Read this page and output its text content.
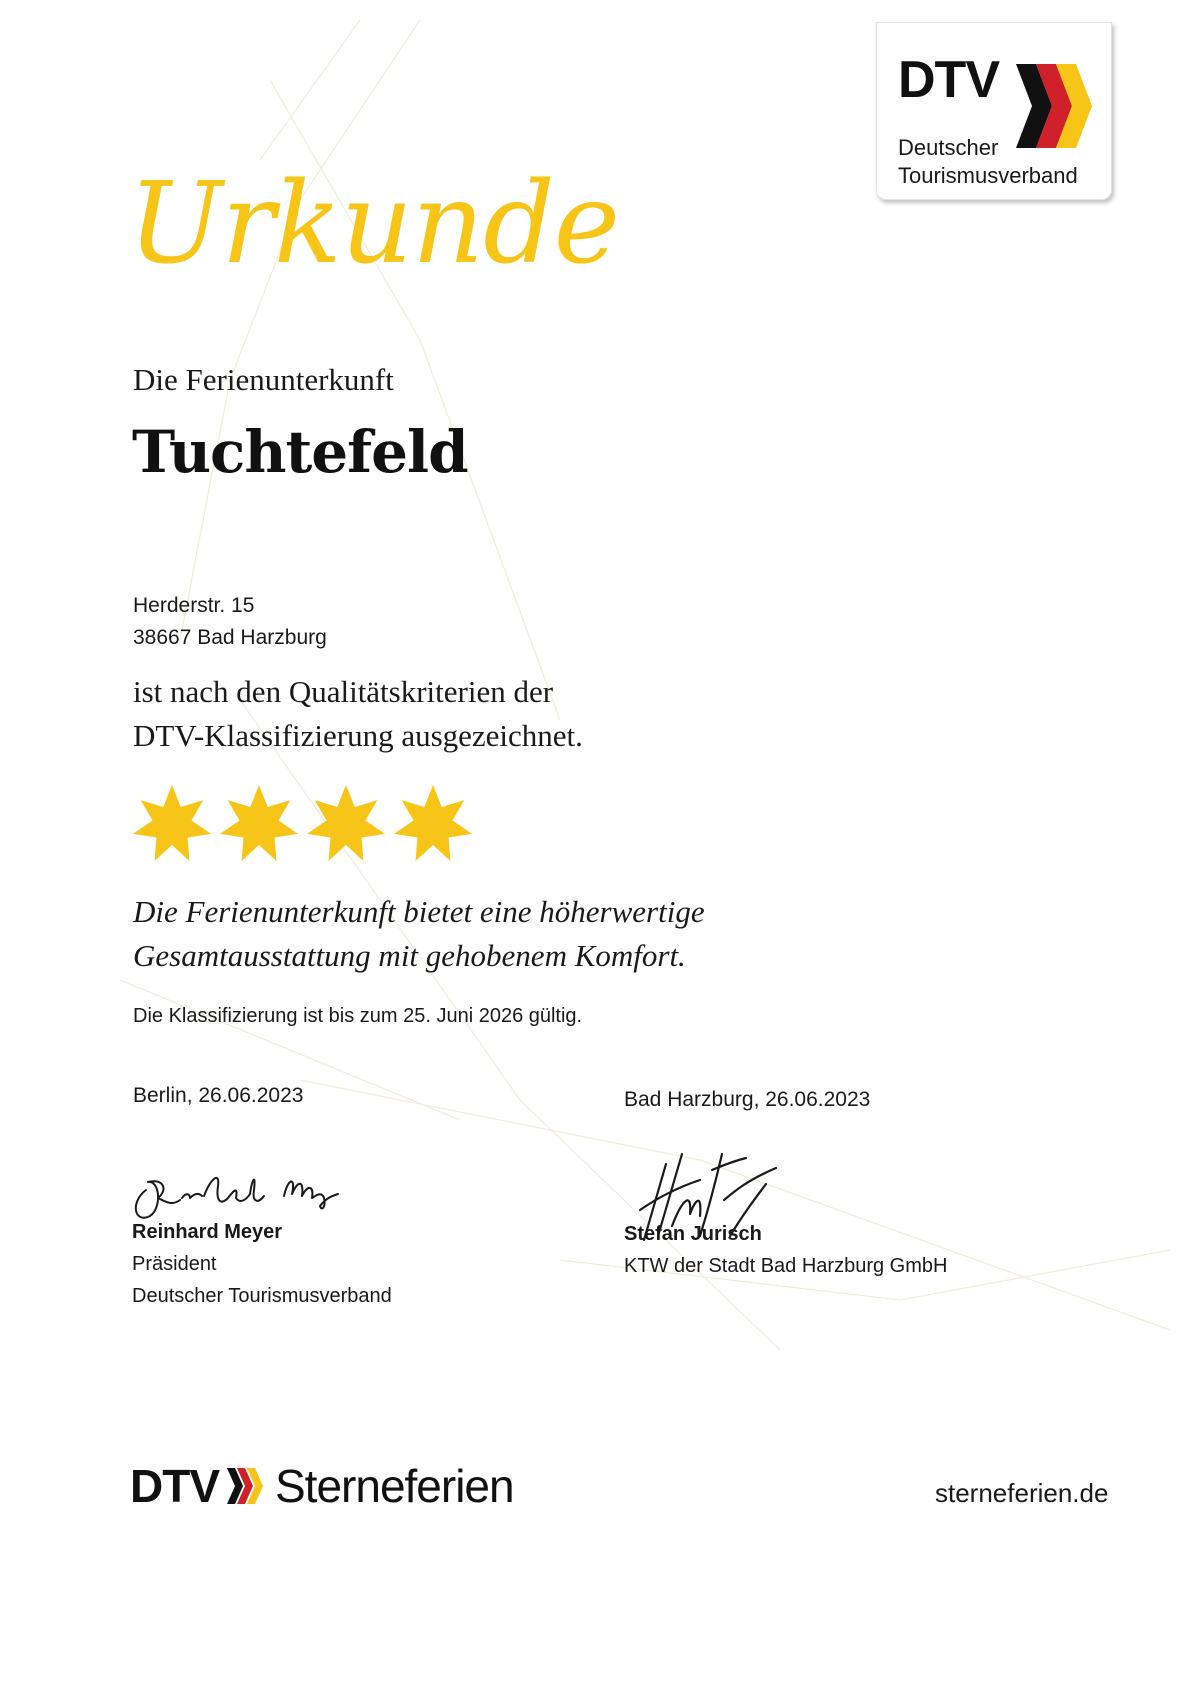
DTV
Deutscher
Tourismusverband
Urkunde
Die Ferienunterkunft
Tuchtefeld
Herderstr. 15
38667 Bad Harzburg
ist nach den Qualitätskriterien der
DTV-Klassifizierung ausgezeichnet.
Die Ferienunterkunft bietet eine höherwertige
Gesamtausstattung mit gehobenem Komfort.
Die Klassifizierung ist bis zum 25. Juni 2026 gültig.
Berlin, 26.06.2023	Bad Harzburg, 26.06.2023
Reinhard Meyer
Präsident
Deutscher Tourismusverband
Stefan Jurisch
KTW der Stadt Bad Harzburg GmbH
DTV Sterneferien	sterneferien.de
